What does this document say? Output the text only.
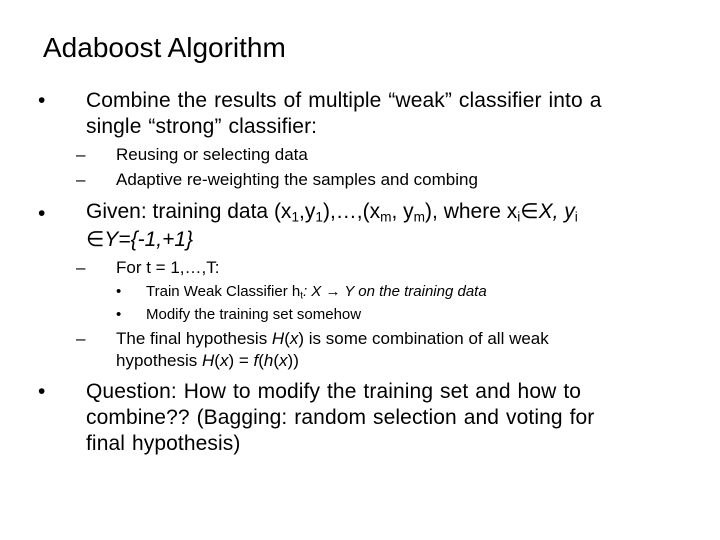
Adaboost Algorithm
• Combine the results of multiple “weak” classifier into a
single “strong” classifier:
– Reusing or selecting data
– Adaptive re-weighting the samples and combing
• Given: training data $(x_1,y_1),\dots,(x_m$, $y_m$), where $x_i\in X$, $y_i$
∈Y={-1,+1}
– For t = 1,…,T:
• Train Weak Classifier $h_t$: X → Y on the training data
• Modify the training set somehow
– The final hypothesis H(x) is some combination of all weak
hypothesis H(x) = f(h(x))
• Question: How to modify the training set and how to
combine?? (Bagging: random selection and voting for
final hypothesis)
